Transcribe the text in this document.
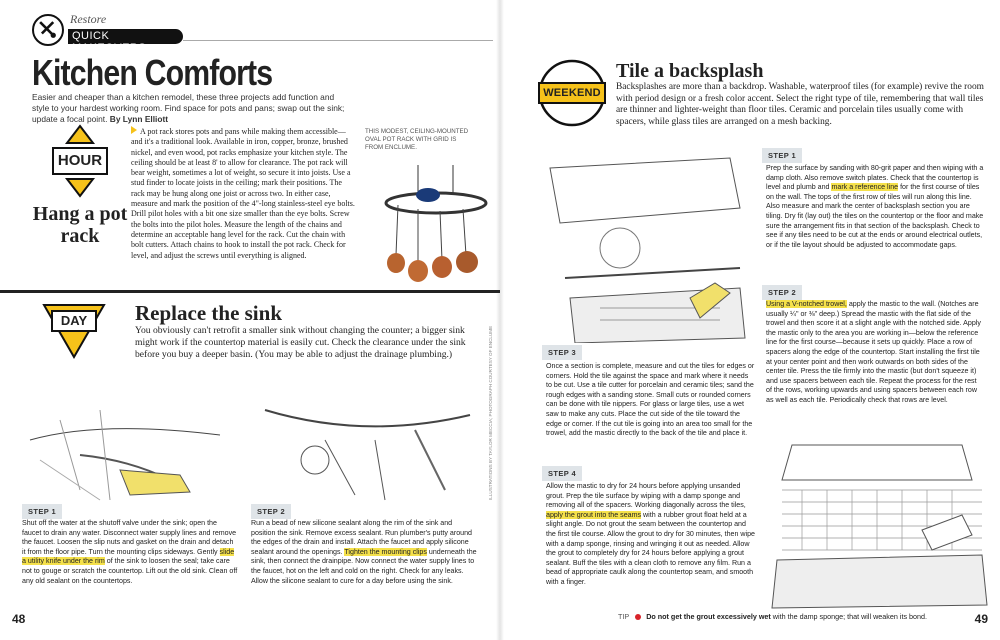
Restore
QUICK MAKEOVERS
Kitchen Comforts
Easier and cheaper than a kitchen remodel, these three projects add function and style to your hardest working room. Find space for pots and pans; swap out the sink; update a focal point. By Lynn Elliott
HOUR
Hang a pot rack
A pot rack stores pots and pans while making them accessible—and it's a traditional look. Available in iron, copper, bronze, brushed nickel, and even wood, pot racks emphasize your kitchen style. The ceiling should be at least 8' to allow for clearance. The pot rack will bear weight, sometimes a lot of weight, so secure it into joists. Use a stud finder to locate joists in the ceiling; mark their positions. The rack may be hung along one joist or across two. In either case, measure and mark the position of the 4"-long stainless-steel eye bolts. Drill pilot holes with a bit one size smaller than the eye bolts. Screw the bolts into the pilot holes. Measure the length of the chains and determine an acceptable hang level for the rack. Cut the chain with bolt cutters. Attach chains to hook to install the pot rack. Check for level, and adjust the screws until everything is aligned.
THIS MODEST, CEILING-MOUNTED OVAL POT RACK WITH GRID IS FROM ENCLUME.
DAY	Replace the sink
You obviously can't retrofit a smaller sink without changing the counter; a bigger sink might work if the countertop material is easily cut. Check the clearance under the sink before you buy a deeper basin. (You may be able to adjust the drainage plumbing.)
STEP 1
Shut off the water at the shutoff valve under the sink; open the faucet to drain any water. Disconnect water supply lines and remove the faucet. Loosen the slip nuts and gasket on the drain and detach it from the floor pipe. Turn the mounting clips sideways. Gently slide a utility knife under the rim of the sink to loosen the seal; take care not to gouge or scratch the countertop. Lift out the old sink. Clean off any old sealant on the countertops.
STEP 2
Run a bead of new silicone sealant along the rim of the sink and position the sink. Remove excess sealant. Run plumber's putty around the edges of the drain and install. Attach the faucet and apply silicone sealant around the openings. Tighten the mounting clips underneath the sink, then connect the drainpipe. Now connect the water supply lines to the faucet, hot on the left and cold on the right. Check for any leaks. Allow the silicone sealant to cure for a day before using the sink.
ILLUSTRATIONS BY TAYLOR MECCIA; PHOTOGRAPH COURTESY OF ENCLUME
48
WEEKEND
Tile a backsplash
Backsplashes are more than a backdrop. Washable, waterproof tiles (for example) revive the room with period design or a fresh color accent. Select the right type of tile, remembering that wall tiles are thinner and lighter-weight than floor tiles. Ceramic and porcelain tiles usually come with spacers, while glass tiles are arranged on a mesh backing.
STEP 1
Prep the surface by sanding with 80-grit paper and then wiping with a damp cloth. Also remove switch plates. Check that the countertop is level and plumb and mark a reference line for the first course of tiles on the wall. The tops of the first row of tiles will run along this line. Also measure and mark the center of backsplash section you are tiling. Dry fit (lay out) the tiles on the countertop or the floor and make sure the arrangement fits in that section of the backsplash. Check to see if any tiles need to be cut at the ends or around electrical outlets, or if the tile layout should be adjusted to accommodate gaps.
STEP 2
Using a V-notched trowel, apply the mastic to the wall. (Notches are usually ¼" or ⅜" deep.) Spread the mastic with the flat side of the trowel and then score it at a slight angle with the notched side. Apply the mastic only to the area you are working in—below the reference line for the first course—because it sets up quickly. Place a row of spacers along the edge of the countertop. Start installing the first tile at your center point and then work outwards on both sides of the center tile. Press the tile firmly into the mastic (but don't squeeze it) and use spacers between each tile. Repeat the process for the rest of the rows, working upwards and using spacers between each row as well as each tile. Periodically check that rows are level.
STEP 3
Once a section is complete, measure and cut the tiles for edges or corners. Hold the tile against the space and mark where it needs to be cut. Use a tile cutter for porcelain and ceramic tiles; sand the rough edges with a sanding stone. Small cuts or rounded corners can be done with tile nippers. For glass or large tiles, use a wet saw to make any cuts. Place the cut side of the tile toward the edge or corner. If the cut tile is going into an area too small for the trowel, add the mastic directly to the back of the tile and place it.
STEP 4
Allow the mastic to dry for 24 hours before applying unsanded grout. Prep the tile surface by wiping with a damp sponge and removing all of the spacers. Working diagonally across the tiles, apply the grout into the seams with a rubber grout float held at a slight angle. Do not grout the seam between the countertop and the first tile course. Allow the grout to dry for 30 minutes, then wipe with a damp sponge, rinsing and wringing it out as needed. Allow the grout to completely dry for 24 hours before applying a grout sealant. Buff the tiles with a clean cloth to remove any film. Run a bead of appropriate caulk along the countertop seam, and smooth with a finger.
TIP Do not get the grout excessively wet with the damp sponge; that will weaken its bond.	49
